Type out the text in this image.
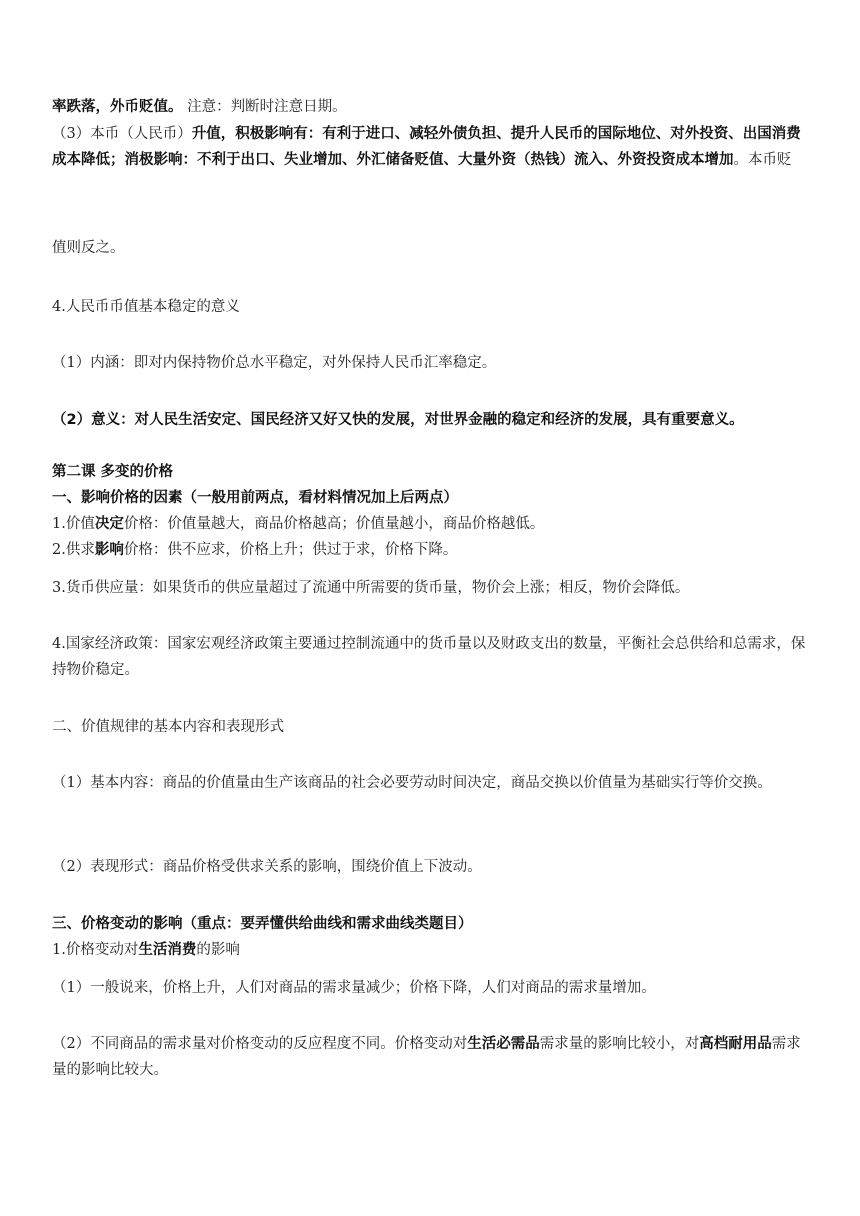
率跌落，外币贬值。 注意：判断时注意日期。

（3）本币（人民币）升值，积极影响有：有利于进口、减轻外债负担、提升人民币的国际地位、对外投资、出国消费成本降低；消极影响：不利于出口、失业增加、外汇储备贬值、大量外资（热钱）流入、外资投资成本增加。本币贬

值则反之。

4.人民币币值基本稳定的意义

（1）内涵：即对内保持物价总水平稳定，对外保持人民币汇率稳定。

（2）意义：对人民生活安定、国民经济又好又快的发展，对世界金融的稳定和经济的发展，具有重要意义。

第二课 多变的价格

一、影响价格的因素（一般用前两点，看材料情况加上后两点）

1.价值决定价格：价值量越大，商品价格越高；价值量越小，商品价格越低。

2.供求影响价格：供不应求，价格上升；供过于求，价格下降。

3.货币供应量：如果货币的供应量超过了流通中所需要的货币量，物价会上涨；相反，物价会降低。

4.国家经济政策：国家宏观经济政策主要通过控制流通中的货币量以及财政支出的数量，平衡社会总供给和总需求，保持物价稳定。

二、价值规律的基本内容和表现形式

（1）基本内容：商品的价值量由生产该商品的社会必要劳动时间决定，商品交换以价值量为基础实行等价交换。

（2）表现形式：商品价格受供求关系的影响，围绕价值上下波动。

三、价格变动的影响（重点：要弄懂供给曲线和需求曲线类题目）

1.价格变动对生活消费的影响

（1）一般说来，价格上升，人们对商品的需求量减少；价格下降，人们对商品的需求量增加。

（2）不同商品的需求量对价格变动的反应程度不同。价格变动对生活必需品需求量的影响比较小，对高档耐用品需求 量的影响比较大。
